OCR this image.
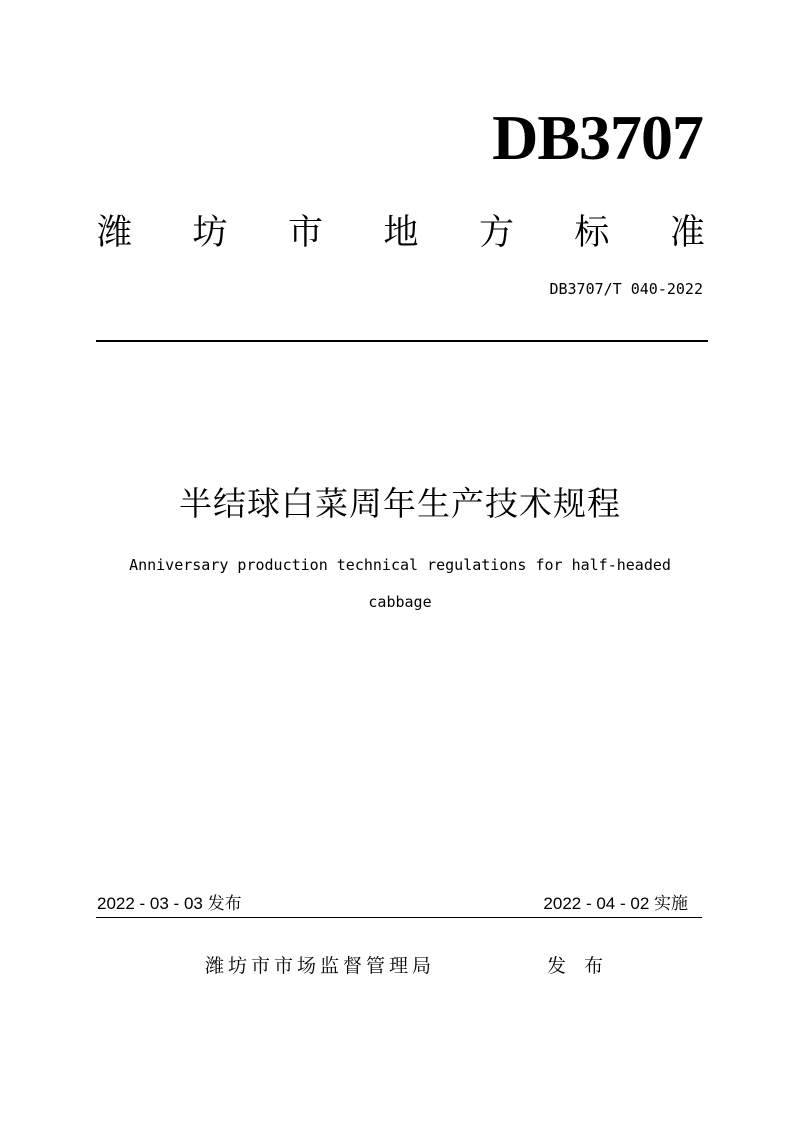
DB3707
潍 坊 市 地 方 标 准
DB3707/T 040-2022
半结球白菜周年生产技术规程
Anniversary production technical regulations for half-headed
cabbage
2022 - 03 - 03 发布	2022 - 04 - 02 实施
潍坊市市场监督管理局	发 布
